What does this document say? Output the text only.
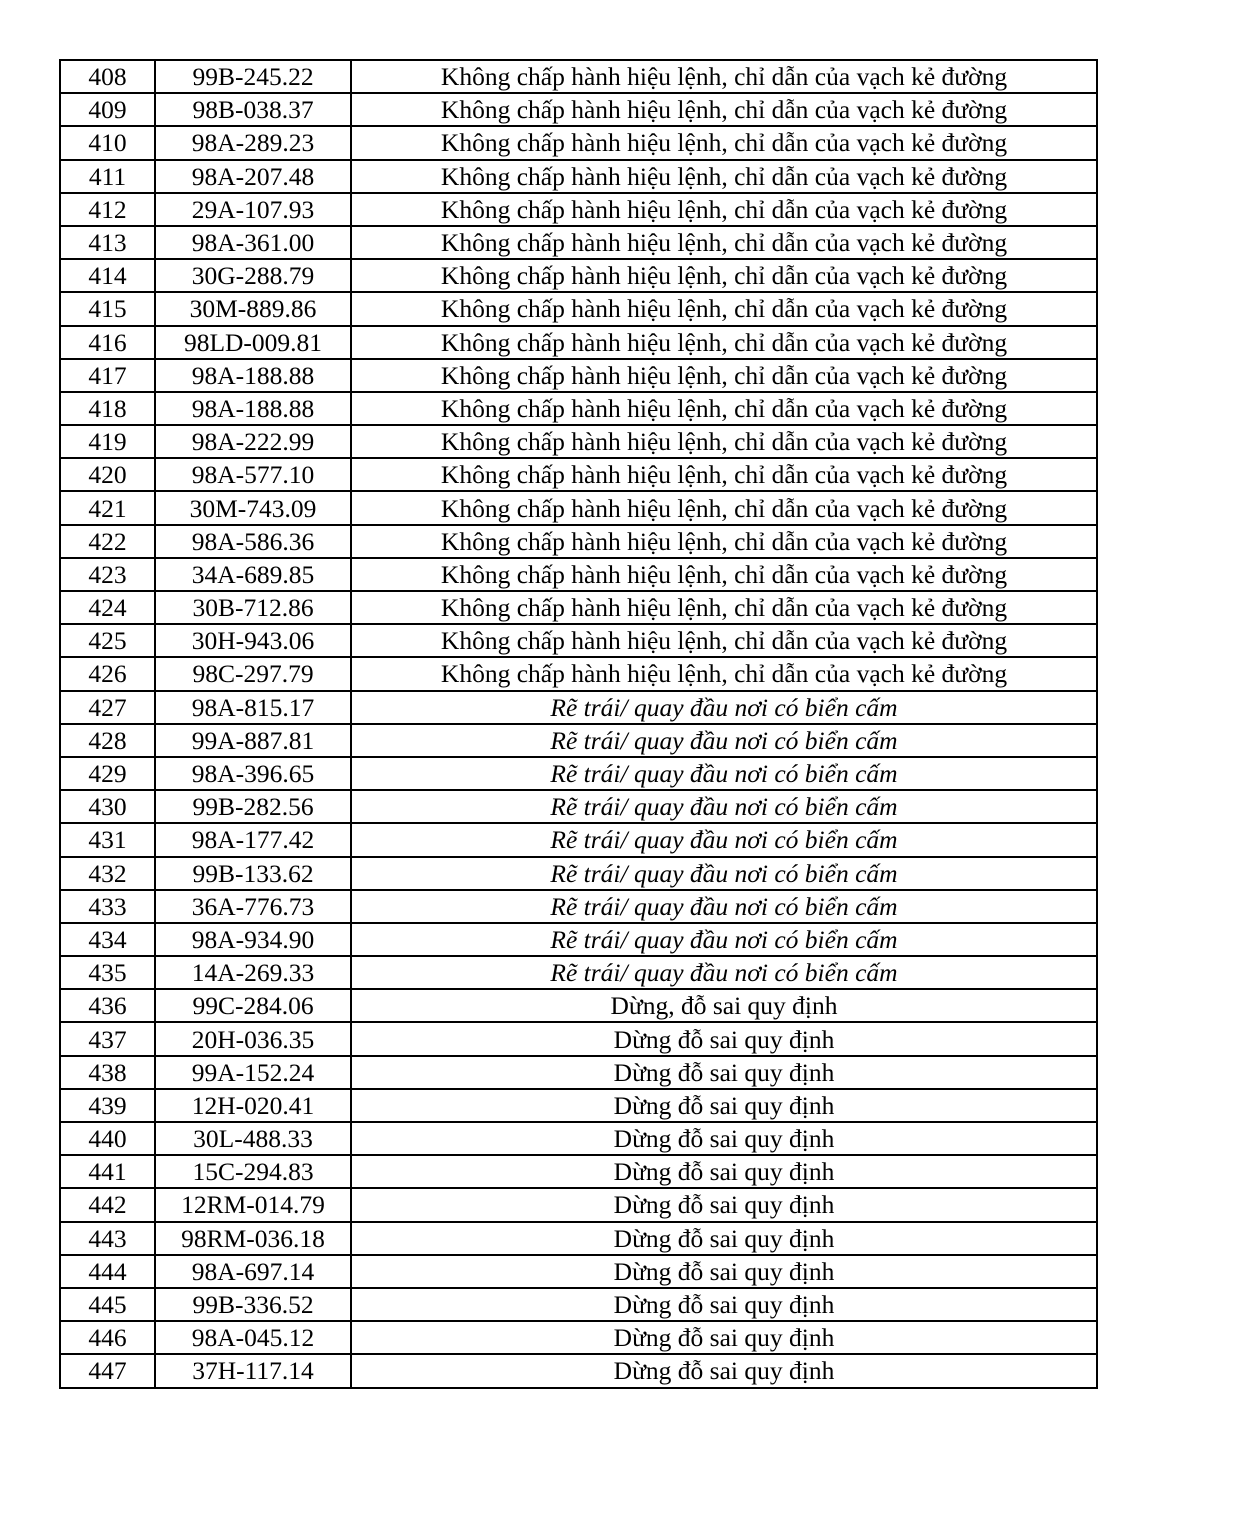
408	99B-245.22	Không chấp hành hiệu lệnh, chỉ dẫn của vạch kẻ đường
409	98B-038.37	Không chấp hành hiệu lệnh, chỉ dẫn của vạch kẻ đường
410	98A-289.23	Không chấp hành hiệu lệnh, chỉ dẫn của vạch kẻ đường
411	98A-207.48	Không chấp hành hiệu lệnh, chỉ dẫn của vạch kẻ đường
412	29A-107.93	Không chấp hành hiệu lệnh, chỉ dẫn của vạch kẻ đường
413	98A-361.00	Không chấp hành hiệu lệnh, chỉ dẫn của vạch kẻ đường
414	30G-288.79	Không chấp hành hiệu lệnh, chỉ dẫn của vạch kẻ đường
415	30M-889.86	Không chấp hành hiệu lệnh, chỉ dẫn của vạch kẻ đường
416	98LD-009.81	Không chấp hành hiệu lệnh, chỉ dẫn của vạch kẻ đường
417	98A-188.88	Không chấp hành hiệu lệnh, chỉ dẫn của vạch kẻ đường
418	98A-188.88	Không chấp hành hiệu lệnh, chỉ dẫn của vạch kẻ đường
419	98A-222.99	Không chấp hành hiệu lệnh, chỉ dẫn của vạch kẻ đường
420	98A-577.10	Không chấp hành hiệu lệnh, chỉ dẫn của vạch kẻ đường
421	30M-743.09	Không chấp hành hiệu lệnh, chỉ dẫn của vạch kẻ đường
422	98A-586.36	Không chấp hành hiệu lệnh, chỉ dẫn của vạch kẻ đường
423	34A-689.85	Không chấp hành hiệu lệnh, chỉ dẫn của vạch kẻ đường
424	30B-712.86	Không chấp hành hiệu lệnh, chỉ dẫn của vạch kẻ đường
425	30H-943.06	Không chấp hành hiệu lệnh, chỉ dẫn của vạch kẻ đường
426	98C-297.79	Không chấp hành hiệu lệnh, chỉ dẫn của vạch kẻ đường
427	98A-815.17	Rẽ trái/ quay đầu nơi có biển cấm
428	99A-887.81	Rẽ trái/ quay đầu nơi có biển cấm
429	98A-396.65	Rẽ trái/ quay đầu nơi có biển cấm
430	99B-282.56	Rẽ trái/ quay đầu nơi có biển cấm
431	98A-177.42	Rẽ trái/ quay đầu nơi có biển cấm
432	99B-133.62	Rẽ trái/ quay đầu nơi có biển cấm
433	36A-776.73	Rẽ trái/ quay đầu nơi có biển cấm
434	98A-934.90	Rẽ trái/ quay đầu nơi có biển cấm
435	14A-269.33	Rẽ trái/ quay đầu nơi có biển cấm
436	99C-284.06	Dừng, đỗ sai quy định
437	20H-036.35	Dừng đỗ sai quy định
438	99A-152.24	Dừng đỗ sai quy định
439	12H-020.41	Dừng đỗ sai quy định
440	30L-488.33	Dừng đỗ sai quy định
441	15C-294.83	Dừng đỗ sai quy định
442	12RM-014.79	Dừng đỗ sai quy định
443	98RM-036.18	Dừng đỗ sai quy định
444	98A-697.14	Dừng đỗ sai quy định
445	99B-336.52	Dừng đỗ sai quy định
446	98A-045.12	Dừng đỗ sai quy định
447	37H-117.14	Dừng đỗ sai quy định
